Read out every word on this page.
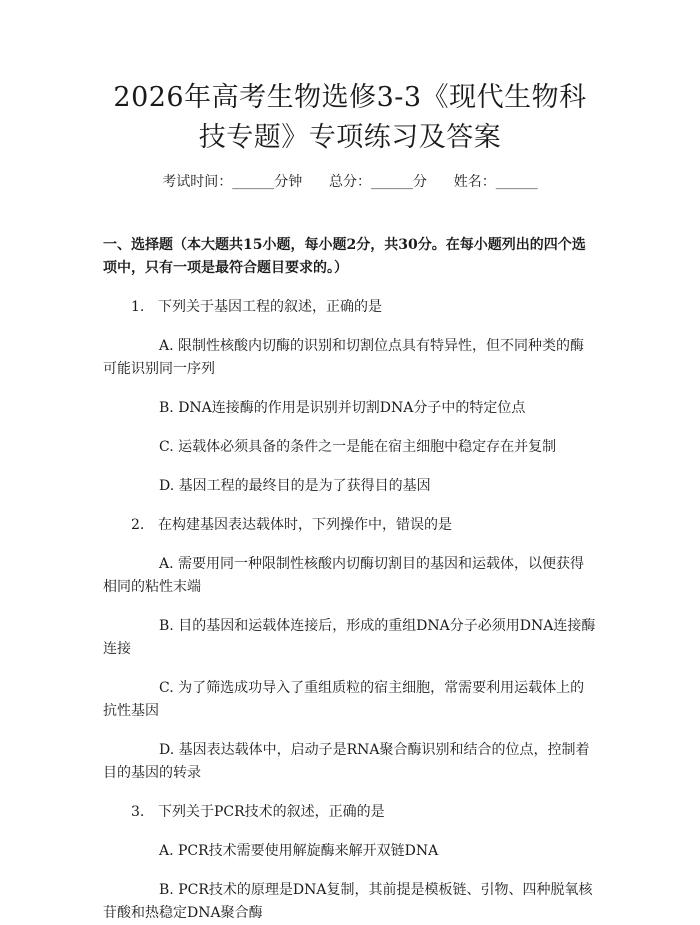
2026年高考生物选修3-3《现代生物科技专题》专项练习及答案
考试时间：______分钟      总分：______分      姓名：______

一、选择题（本大题共15小题，每小题2分，共30分。在每小题列出的四个选项中，只有一项是最符合题目要求的。）

1. 下列关于基因工程的叙述，正确的是

A. 限制性核酸内切酶的识别和切割位点具有特异性，但不同种类的酶可能识别同一序列

B. DNA连接酶的作用是识别并切割DNA分子中的特定位点

C. 运载体必须具备的条件之一是能在宿主细胞中稳定存在并复制

D. 基因工程的最终目的是为了获得目的基因

2. 在构建基因表达载体时，下列操作中，错误的是

A. 需要用同一种限制性核酸内切酶切割目的基因和运载体，以便获得相同的粘性末端

B. 目的基因和运载体连接后，形成的重组DNA分子必须用DNA连接酶连接

C. 为了筛选成功导入了重组质粒的宿主细胞，常需要利用运载体上的抗性基因

D. 基因表达载体中，启动子是RNA聚合酶识别和结合的位点，控制着目的基因的转录

3. 下列关于PCR技术的叙述，正确的是

A. PCR技术需要使用解旋酶来解开双链DNA

B. PCR技术的原理是DNA复制，其前提是模板链、引物、四种脱氧核苷酸和热稳定DNA聚合酶
